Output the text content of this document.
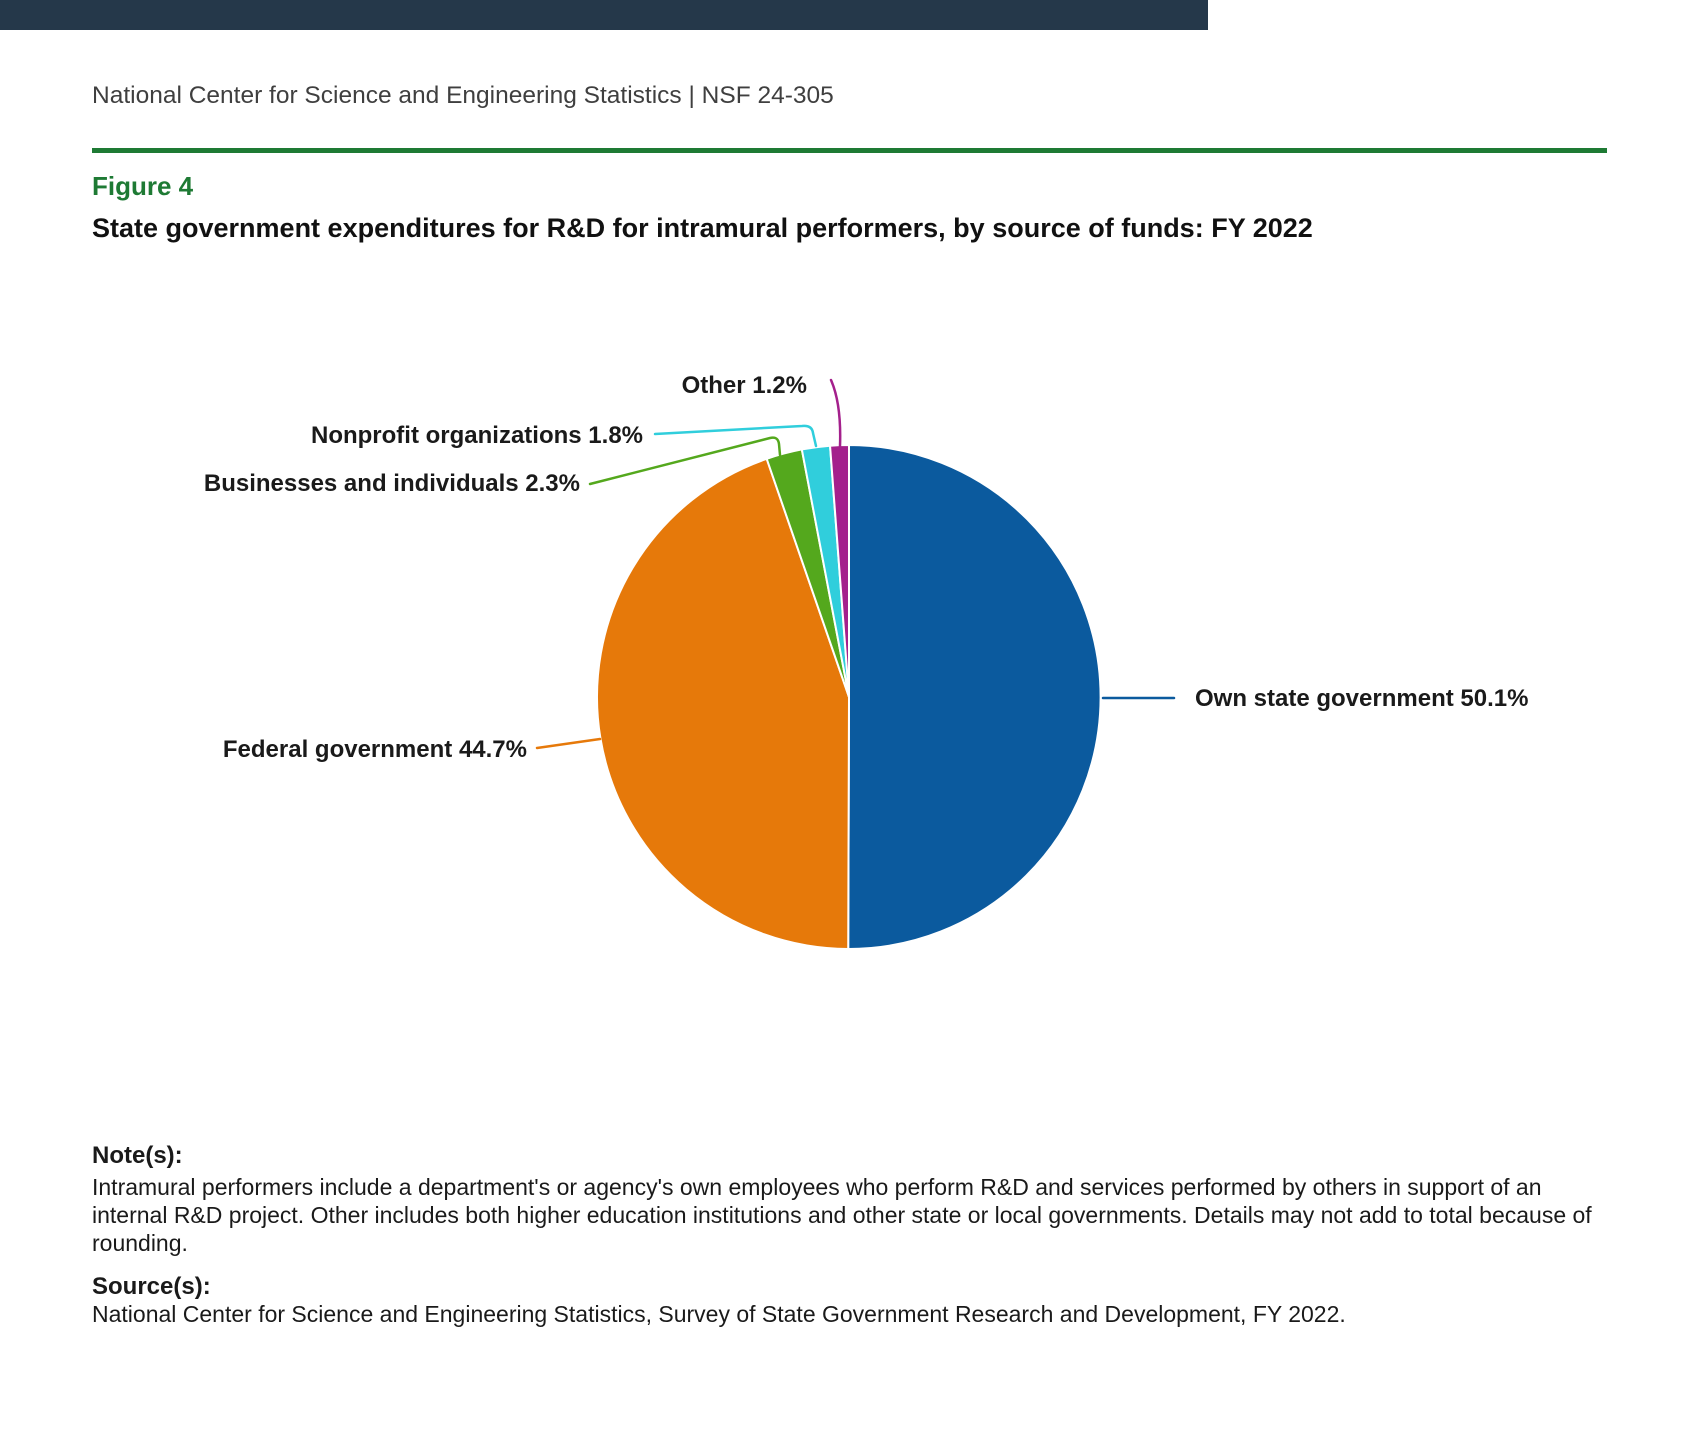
National Center for Science and Engineering Statistics | NSF 24-305
Figure 4
State government expenditures for R&D for intramural performers, by source of funds: FY 2022
Other 1.2%
Nonprofit organizations 1.8%
Businesses and individuals 2.3%
Federal government 44.7%
Own state government 50.1%
Note(s):
Intramural performers include a department's or agency's own employees who perform R&D and services performed by others in support of an
internal R&D project. Other includes both higher education institutions and other state or local governments. Details may not add to total because of
rounding.
Source(s):
National Center for Science and Engineering Statistics, Survey of State Government Research and Development, FY 2022.
